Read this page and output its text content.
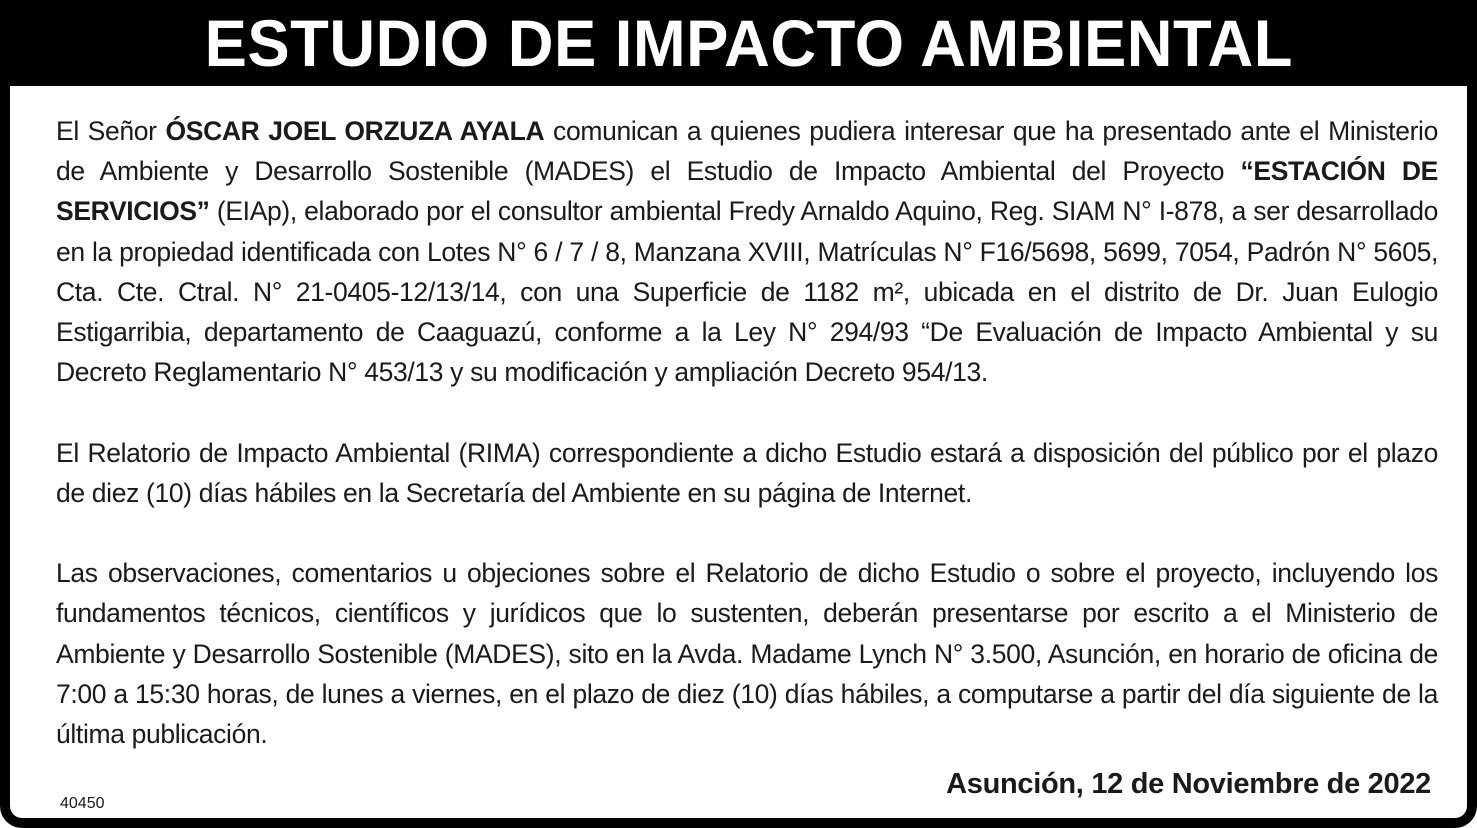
ESTUDIO DE IMPACTO AMBIENTAL

El Señor ÓSCAR JOEL ORZUZA AYALA comunican a quienes pudiera interesar que ha presentado ante el Ministerio de Ambiente y Desarrollo Sostenible (MADES) el Estudio de Impacto Ambiental del Proyecto “ESTACIÓN DE SERVICIOS” (EIAp), elaborado por el consultor ambiental Fredy Arnaldo Aquino, Reg. SIAM N° I-878, a ser desarrollado en la propiedad identificada con Lotes N° 6 / 7 / 8, Manzana XVIII, Matrículas N° F16/5698, 5699, 7054, Padrón N° 5605, Cta. Cte. Ctral. N° 21-0405-12/13/14, con una Superficie de 1182 m², ubicada en el distrito de Dr. Juan Eulogio Estigarribia, departamento de Caaguazú, conforme a la Ley N° 294/93 “De Evaluación de Impacto Ambiental y su Decreto Reglamentario N° 453/13 y su modificación y ampliación Decreto 954/13.

El Relatorio de Impacto Ambiental (RIMA) correspondiente a dicho Estudio estará a disposición del público por el plazo de diez (10) días hábiles en la Secretaría del Ambiente en su página de Internet.

Las observaciones, comentarios u objeciones sobre el Relatorio de dicho Estudio o sobre el proyecto, incluyendo los fundamentos técnicos, científicos y jurídicos que lo sustenten, deberán presentarse por escrito a el Ministerio de Ambiente y Desarrollo Sostenible (MADES), sito en la Avda. Madame Lynch N° 3.500, Asunción, en horario de oficina de 7:00 a 15:30 horas, de lunes a viernes, en el plazo de diez (10) días hábiles, a computarse a partir del día siguiente de la última publicación.

Asunción, 12 de Noviembre de 2022
40450
